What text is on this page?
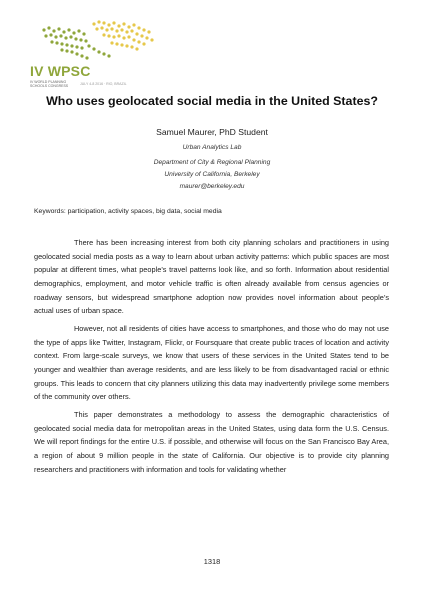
IV WPSC
IV WORLD PLANNING
SCHOOLS CONGRESS	JULY 4-8 2016 · RIO, BRAZIL
Who uses geolocated social media in the United States?
Samuel Maurer, PhD Student
Urban Analytics Lab
Department of City & Regional Planning
University of California, Berkeley
maurer@berkeley.edu
Keywords: participation, activity spaces, big data, social media

There has been increasing interest from both city planning scholars and practitioners in using geolocated social media posts as a way to learn about urban activity patterns: which public spaces are most popular at different times, what people’s travel patterns look like, and so forth. Information about residential demographics, employment, and motor vehicle traffic is often already available from census agencies or roadway sensors, but widespread smartphone adoption now provides novel information about people’s actual uses of urban space.

However, not all residents of cities have access to smartphones, and those who do may not use the type of apps like Twitter, Instagram, Flickr, or Foursquare that create public traces of location and activity context. From large-scale surveys, we know that users of these services in the United States tend to be younger and wealthier than average residents, and are less likely to be from disadvantaged racial or ethnic groups. This leads to concern that city planners utilizing this data may inadvertently privilege some members of the community over others.

This paper demonstrates a methodology to assess the demographic characteristics of geolocated social media data for metropolitan areas in the United States, using data form the U.S. Census. We will report findings for the entire U.S. if possible, and otherwise will focus on the San Francisco Bay Area, a region of about 9 million people in the state of California. Our objective is to provide city planning researchers and practitioners with information and tools for validating whether

1318
